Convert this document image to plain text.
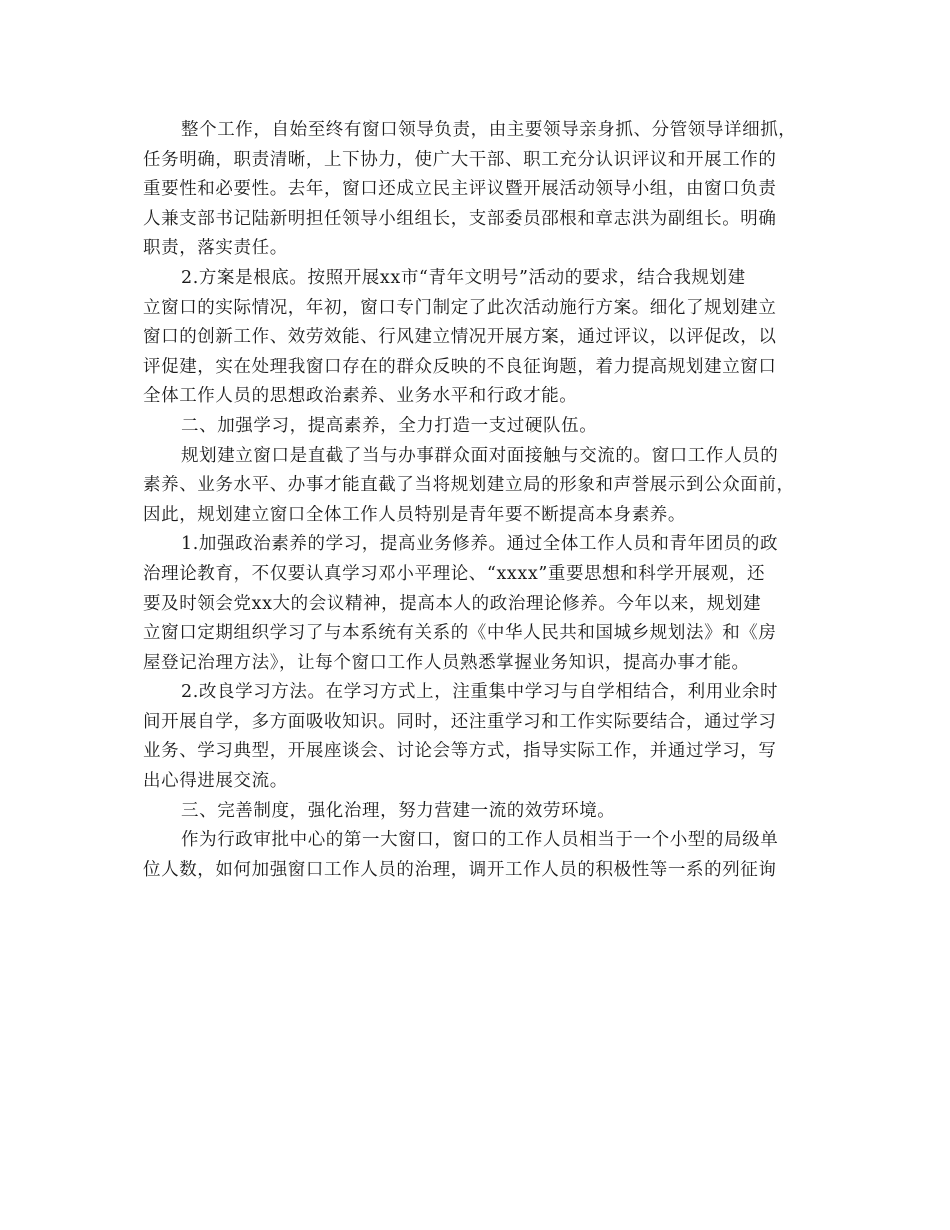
整个工作，自始至终有窗口领导负责，由主要领导亲身抓、分管领导详细抓，
任务明确，职责清晰，上下协力，使广大干部、职工充分认识评议和开展工作的
重要性和必要性。去年，窗口还成立民主评议暨开展活动领导小组，由窗口负责
人兼支部书记陆新明担任领导小组组长，支部委员邵根和章志洪为副组长。明确
职责，落实责任。
2.方案是根底。按照开展xx市“青年文明号”活动的要求，结合我规划建
立窗口的实际情况，年初，窗口专门制定了此次活动施行方案。细化了规划建立
窗口的创新工作、效劳效能、行风建立情况开展方案，通过评议，以评促改，以
评促建，实在处理我窗口存在的群众反映的不良征询题，着力提高规划建立窗口
全体工作人员的思想政治素养、业务水平和行政才能。
二、加强学习，提高素养，全力打造一支过硬队伍。
规划建立窗口是直截了当与办事群众面对面接触与交流的。窗口工作人员的
素养、业务水平、办事才能直截了当将规划建立局的形象和声誉展示到公众面前，
因此，规划建立窗口全体工作人员特别是青年要不断提高本身素养。
1.加强政治素养的学习，提高业务修养。通过全体工作人员和青年团员的政
治理论教育，不仅要认真学习邓小平理论、“xxxx”重要思想和科学开展观，还
要及时领会党xx大的会议精神，提高本人的政治理论修养。今年以来，规划建
立窗口定期组织学习了与本系统有关系的《中华人民共和国城乡规划法》和《房
屋登记治理方法》，让每个窗口工作人员熟悉掌握业务知识，提高办事才能。
2.改良学习方法。在学习方式上，注重集中学习与自学相结合，利用业余时
间开展自学，多方面吸收知识。同时，还注重学习和工作实际要结合，通过学习
业务、学习典型，开展座谈会、讨论会等方式，指导实际工作，并通过学习，写
出心得进展交流。
三、完善制度，强化治理，努力营建一流的效劳环境。
作为行政审批中心的第一大窗口，窗口的工作人员相当于一个小型的局级单
位人数，如何加强窗口工作人员的治理，调开工作人员的积极性等一系的列征询
